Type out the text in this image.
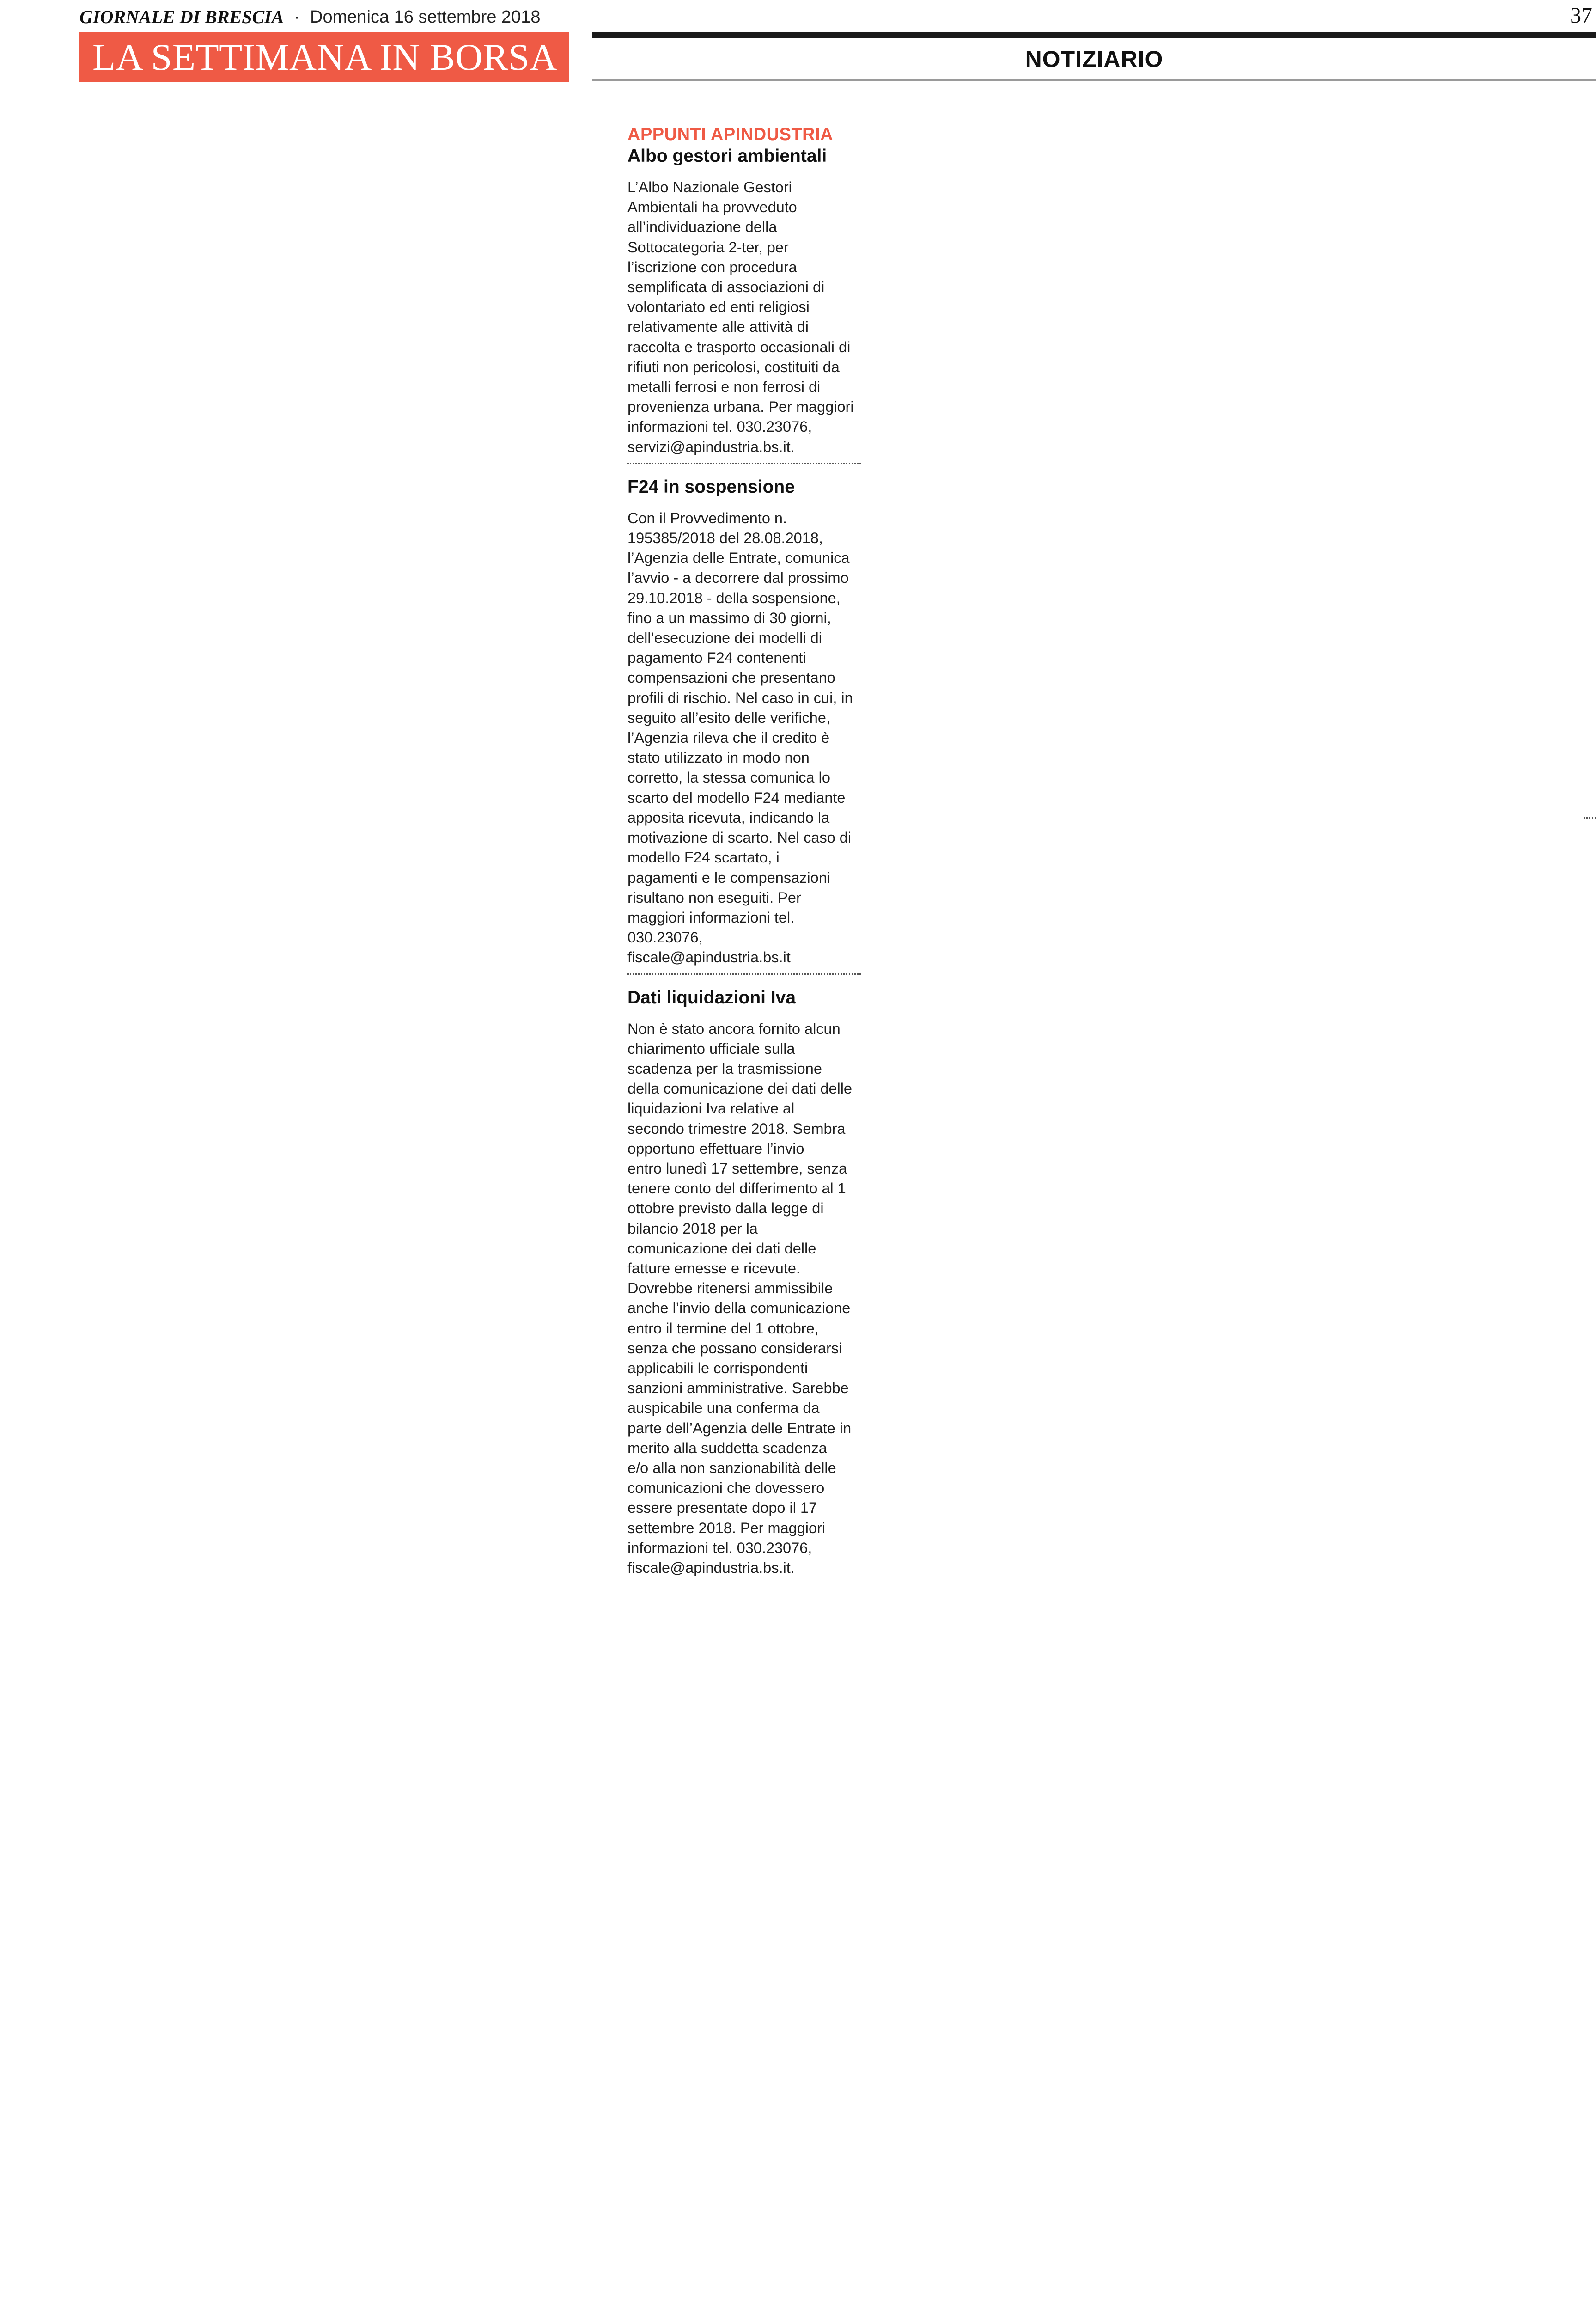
GIORNALE DI BRESCIA · Domenica 16 settembre 2018	37
LA SETTIMANA IN BORSA	NOTIZIARIO
APPUNTI APINDUSTRIA
Albo gestori ambientali
L’Albo Nazionale Gestori
Ambientali ha provveduto
all’individuazione della
Sottocategoria 2-ter, per
l’iscrizione con procedura
semplificata di associazioni di
volontariato ed enti religiosi
relativamente alle attività di
raccolta e trasporto occasionali di
rifiuti non pericolosi, costituiti da
metalli ferrosi e non ferrosi di
provenienza urbana. Per maggiori
informazioni tel. 030.23076,
servizi@apindustria.bs.it.
F24 in sospensione
Con il Provvedimento n.
195385/2018 del 28.08.2018,
l’Agenzia delle Entrate, comunica
l’avvio - a decorrere dal prossimo
29.10.2018 - della sospensione,
fino a un massimo di 30 giorni,
dell’esecuzione dei modelli di
pagamento F24 contenenti
compensazioni che presentano
profili di rischio. Nel caso in cui, in
seguito all’esito delle verifiche,
l’Agenzia rileva che il credito è
stato utilizzato in modo non
corretto, la stessa comunica lo
scarto del modello F24 mediante
apposita ricevuta, indicando la
motivazione di scarto. Nel caso di
modello F24 scartato, i
pagamenti e le compensazioni
risultano non eseguiti. Per
maggiori informazioni tel.
030.23076,
fiscale@apindustria.bs.it
Dati liquidazioni Iva
Non è stato ancora fornito alcun
chiarimento ufficiale sulla
scadenza per la trasmissione
della comunicazione dei dati delle
liquidazioni Iva relative al
secondo trimestre 2018. Sembra
opportuno effettuare l’invio
entro lunedì 17 settembre, senza
tenere conto del differimento al 1
ottobre previsto dalla legge di
bilancio 2018 per la
comunicazione dei dati delle
fatture emesse e ricevute.
Dovrebbe ritenersi ammissibile
anche l’invio della comunicazione
entro il termine del 1 ottobre,
senza che possano considerarsi
applicabili le corrispondenti
sanzioni amministrative. Sarebbe
auspicabile una conferma da
parte dell’Agenzia delle Entrate in
merito alla suddetta scadenza
e/o alla non sanzionabilità delle
comunicazioni che dovessero
essere presentate dopo il 17
settembre 2018. Per maggiori
informazioni tel. 030.23076,
fiscale@apindustria.bs.it.
